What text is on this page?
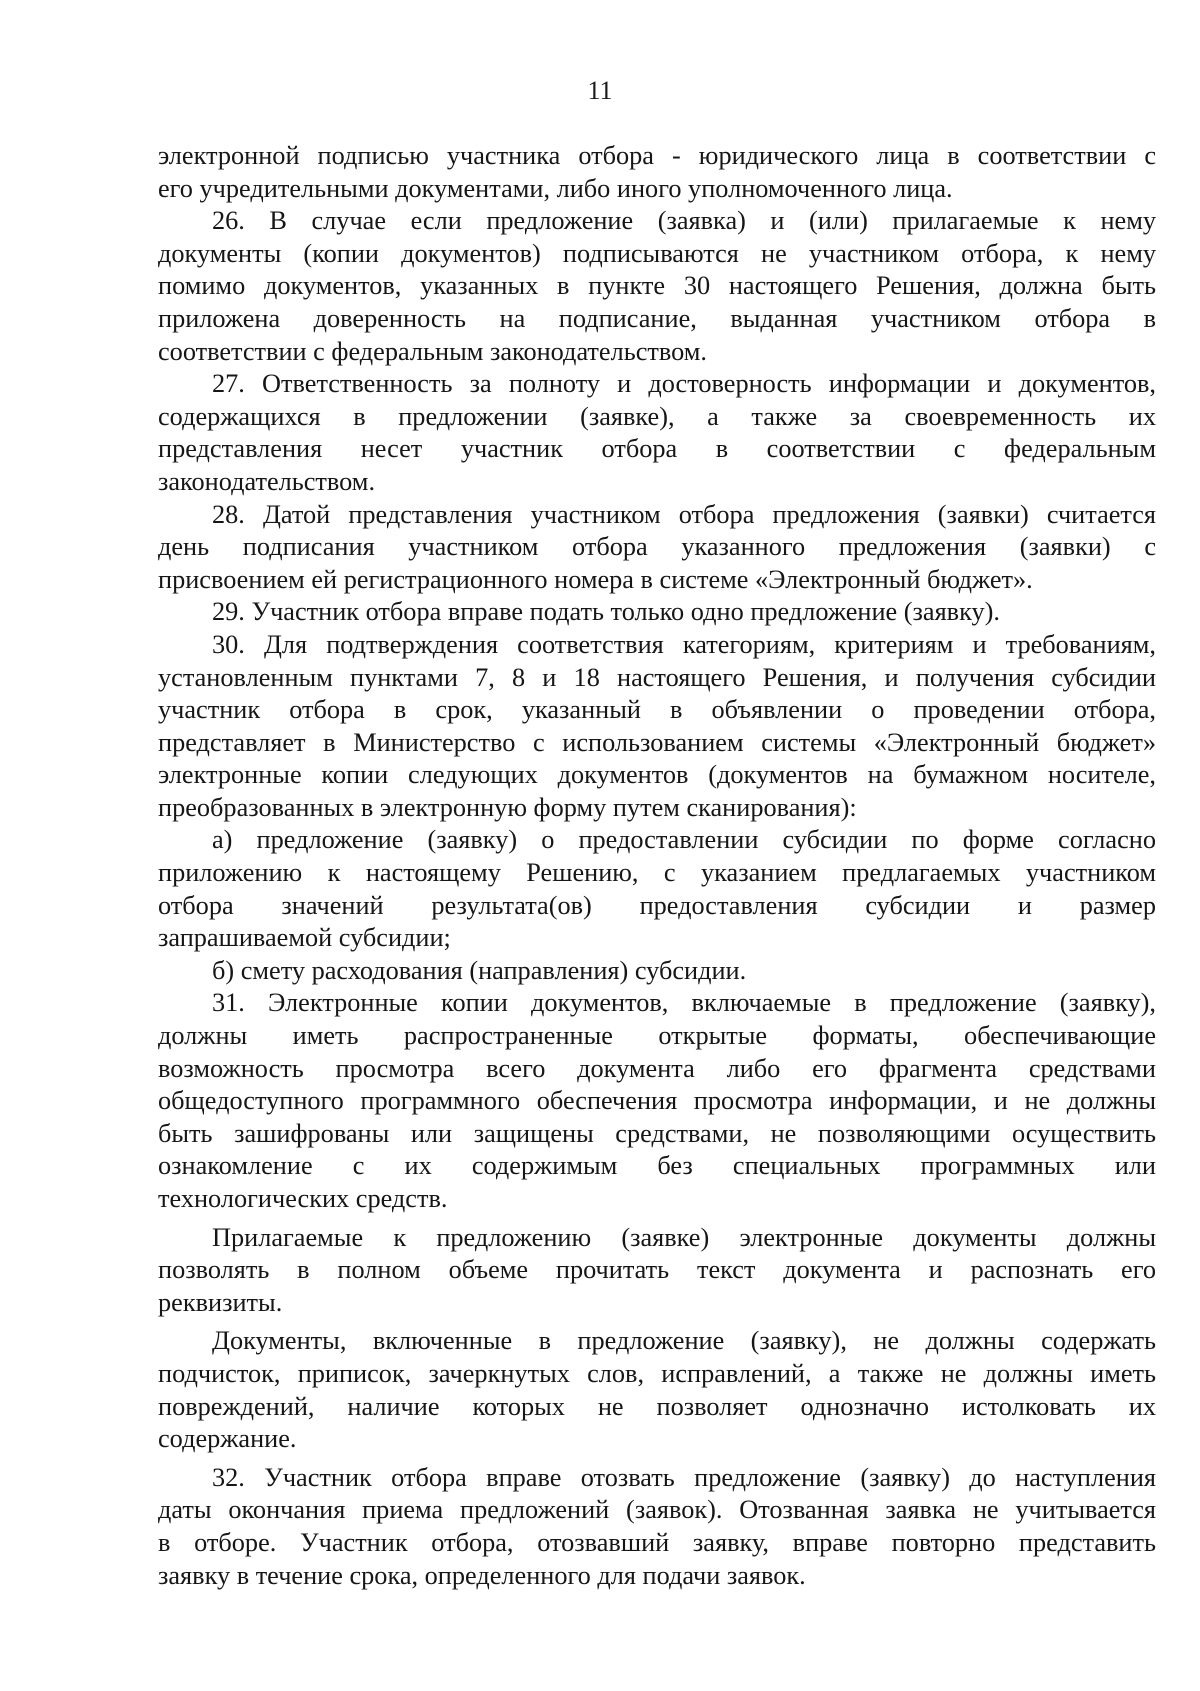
11

электронной подписью участника отбора - юридического лица в соответствии с

его учредительными документами, либо иного уполномоченного лица.

26. В случае если предложение (заявка) и (или) прилагаемые к нему

документы (копии документов) подписываются не участником отбора, к нему

помимо документов, указанных в пункте 30 настоящего Решения, должна быть

приложена доверенность на подписание, выданная участником отбора в

соответствии с федеральным законодательством.

27. Ответственность за полноту и достоверность информации и документов,

содержащихся в предложении (заявке), а также за своевременность их

представления несет участник отбора в соответствии с федеральным

законодательством.

28. Датой представления участником отбора предложения (заявки) считается

день подписания участником отбора указанного предложения (заявки) с

присвоением ей регистрационного номера в системе «Электронный бюджет».

29. Участник отбора вправе подать только одно предложение (заявку).

30. Для подтверждения соответствия категориям, критериям и требованиям,

установленным пунктами 7, 8 и 18 настоящего Решения, и получения субсидии

участник отбора в срок, указанный в объявлении о проведении отбора,

представляет в Министерство с использованием системы «Электронный бюджет»

электронные копии следующих документов (документов на бумажном носителе,

преобразованных в электронную форму путем сканирования):

а) предложение (заявку) о предоставлении субсидии по форме согласно

приложению к настоящему Решению, с указанием предлагаемых участником

отбора значений результата(ов) предоставления субсидии и размер

запрашиваемой субсидии;

б) смету расходования (направления) субсидии.

31. Электронные копии документов, включаемые в предложение (заявку),

должны иметь распространенные открытые форматы, обеспечивающие

возможность просмотра всего документа либо его фрагмента средствами

общедоступного программного обеспечения просмотра информации, и не должны

быть зашифрованы или защищены средствами, не позволяющими осуществить

ознакомление с их содержимым без специальных программных или

технологических средств.

Прилагаемые к предложению (заявке) электронные документы должны

позволять в полном объеме прочитать текст документа и распознать его

реквизиты.

Документы, включенные в предложение (заявку), не должны содержать

подчисток, приписок, зачеркнутых слов, исправлений, а также не должны иметь

повреждений, наличие которых не позволяет однозначно истолковать их

содержание.

32. Участник отбора вправе отозвать предложение (заявку) до наступления

даты окончания приема предложений (заявок). Отозванная заявка не учитывается

в отборе. Участник отбора, отозвавший заявку, вправе повторно представить

заявку в течение срока, определенного для подачи заявок.
